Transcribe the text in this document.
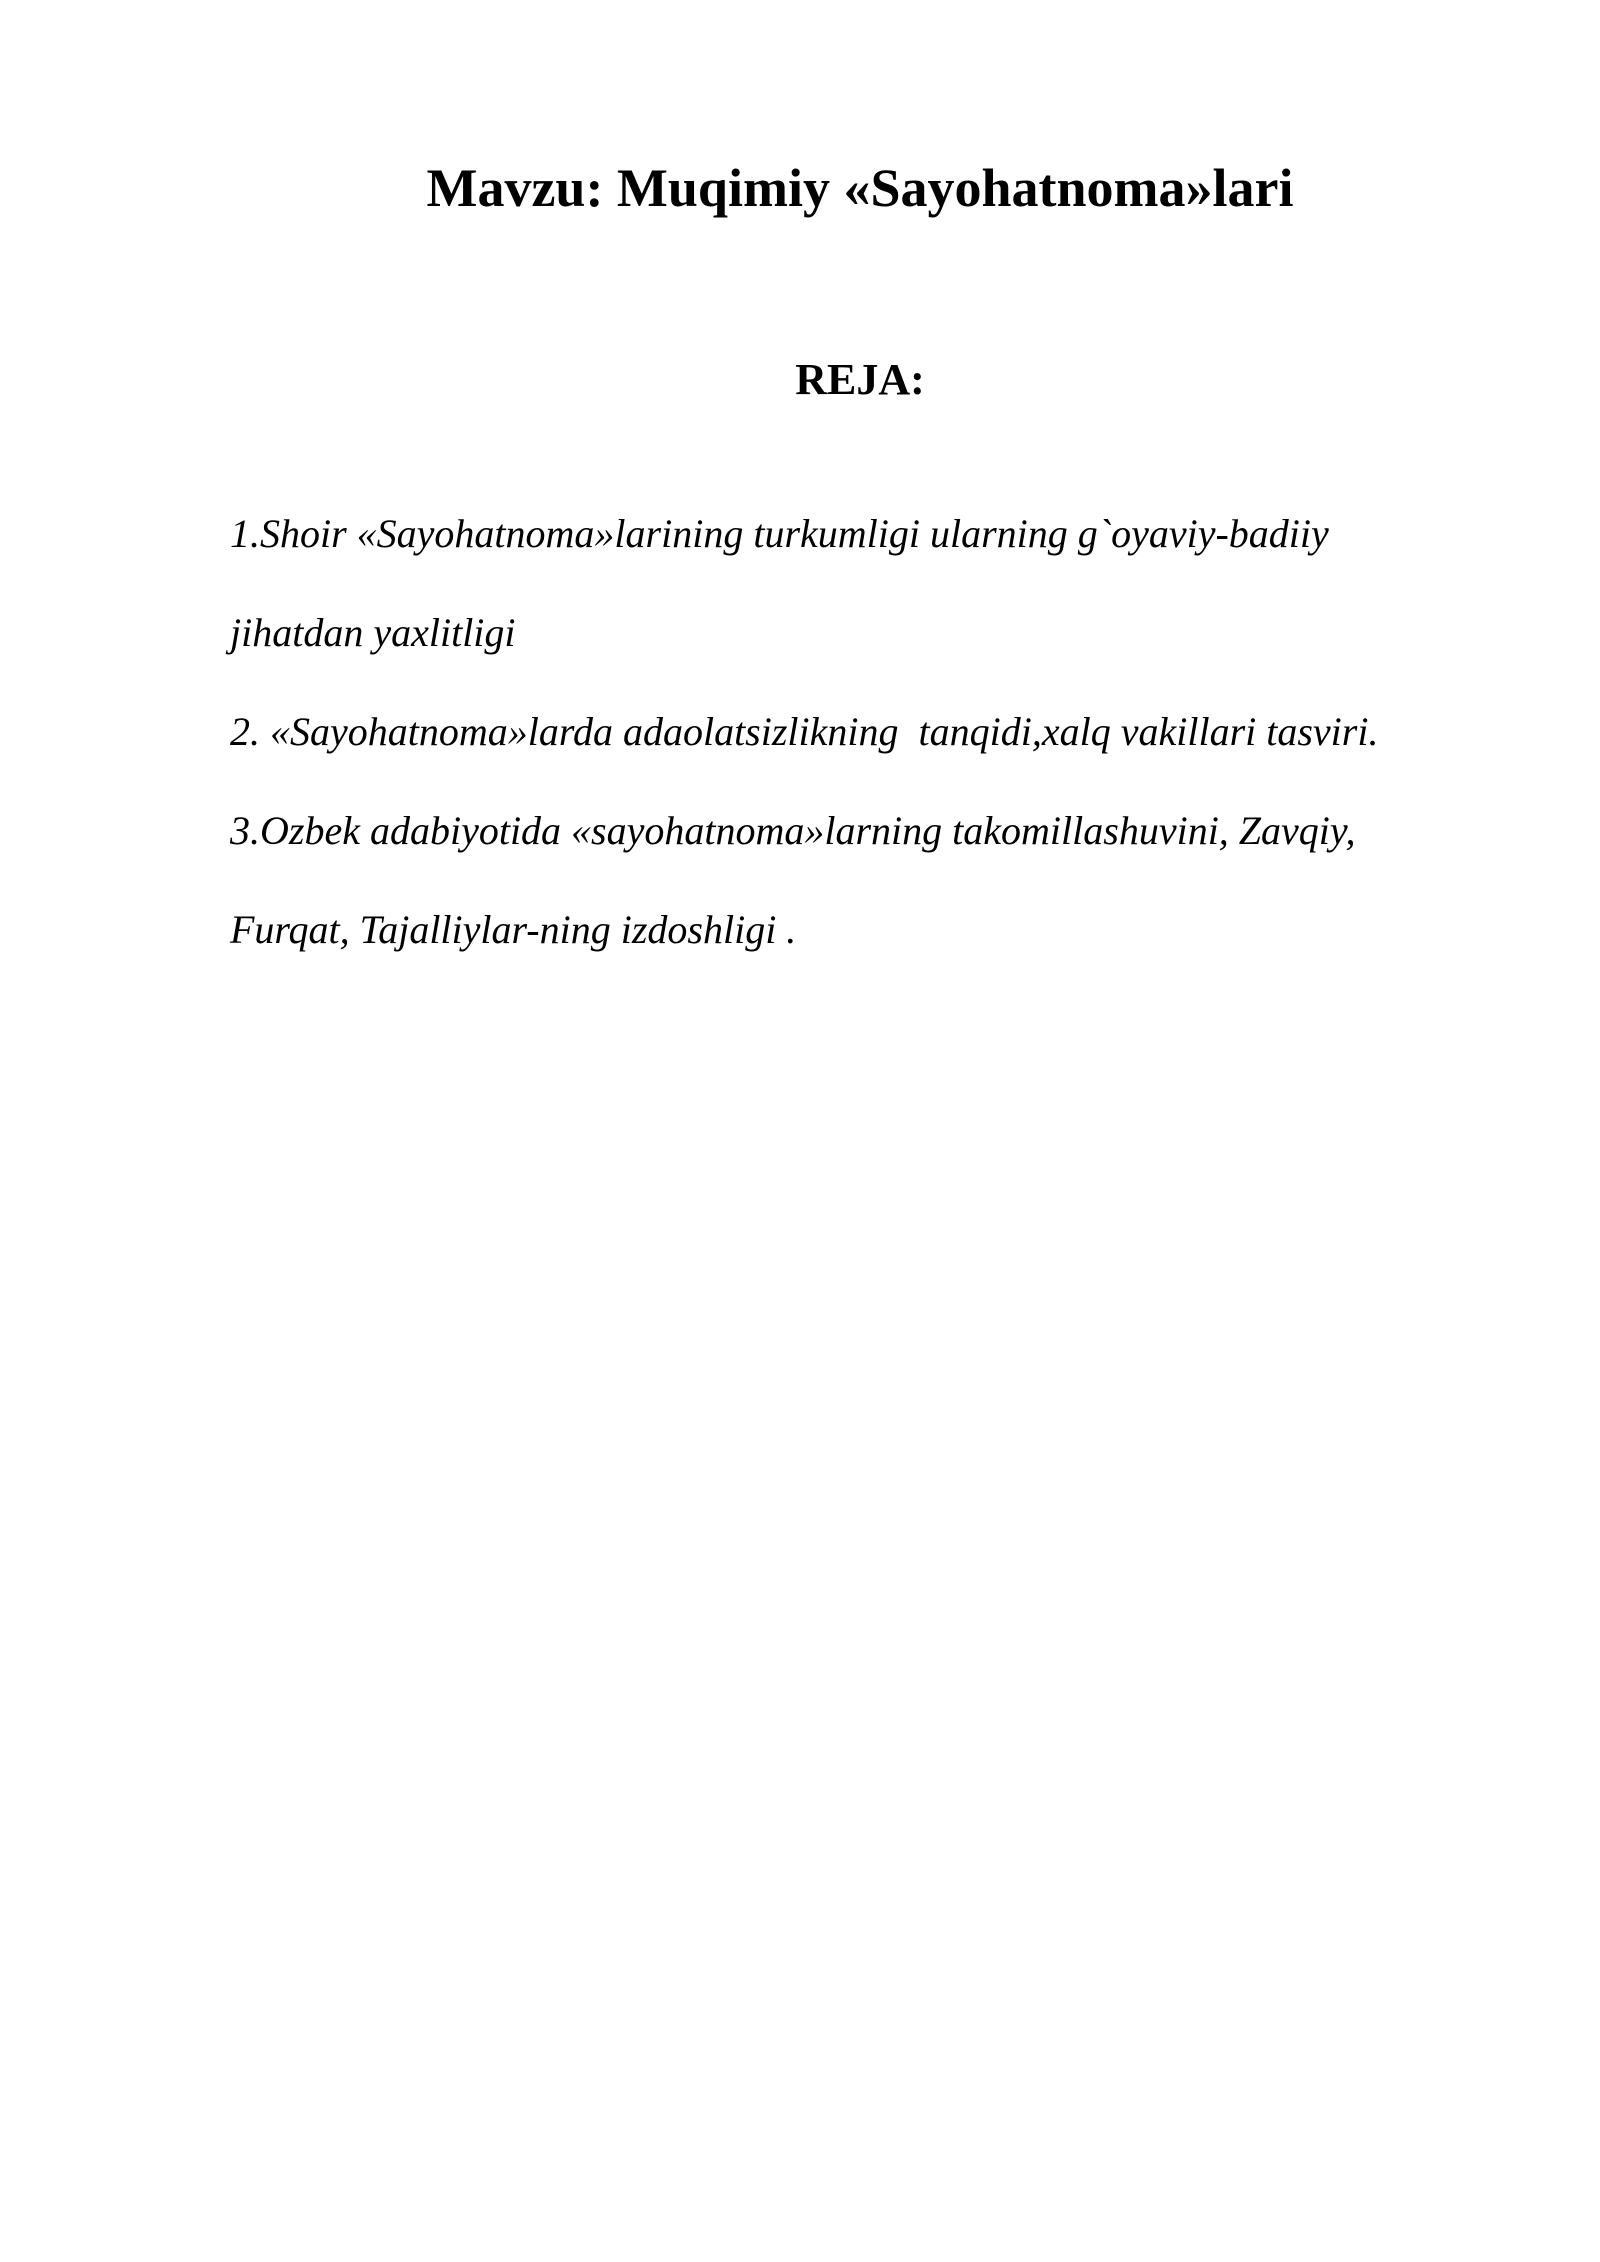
Mavzu: Muqimiy «Sayohatnoma»lari
REJA:
1.Shoir «Sayohatnoma»larining turkumligi ularning g`oyaviy-badiiy
jihatdan yaxlitligi
2. «Sayohatnoma»larda adaolatsizlikning  tanqidi,xalq vakillari tasviri.
3.Ozbek adabiyotida «sayohatnoma»larning takomillashuvini, Zavqiy,
Furqat, Tajalliylar-ning izdoshligi .
